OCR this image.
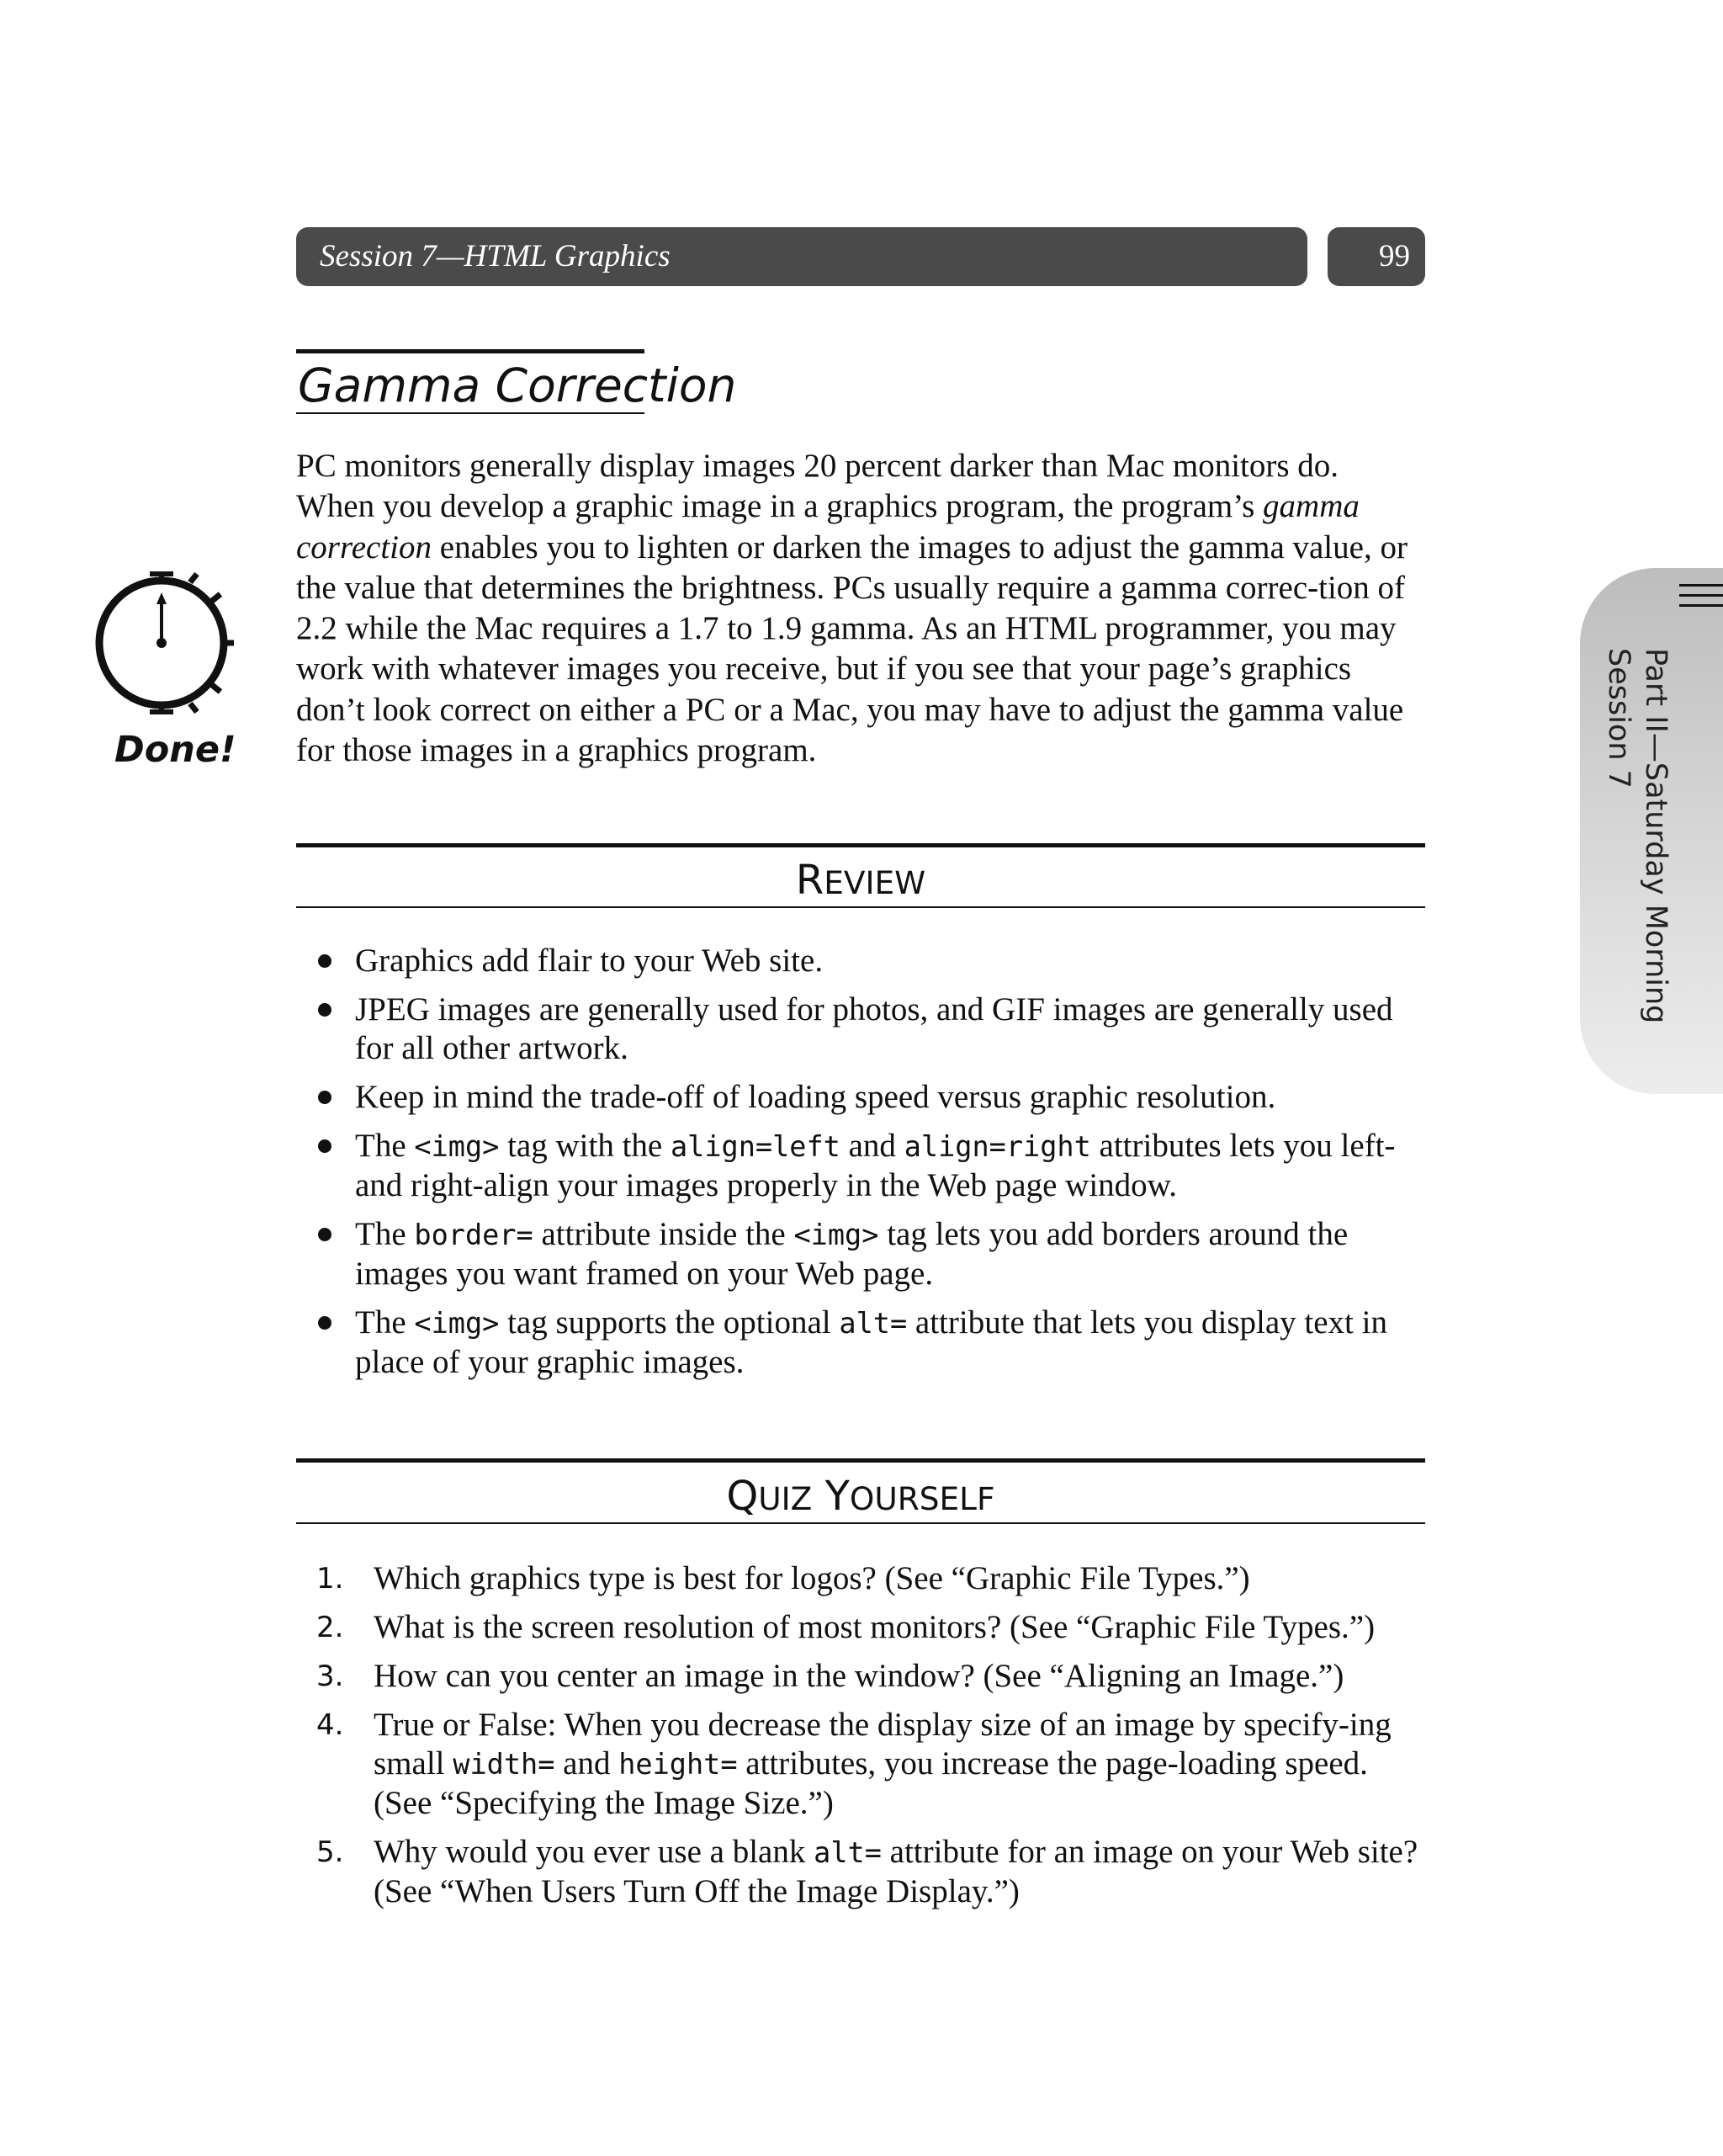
Session 7—HTML Graphics	99
Part II—Saturday Morning
Session 7
Gamma Correction
Done!

PC monitors generally display images 20 percent darker than Mac monitors do. When you develop a graphic image in a graphics program, the program’s gamma correction enables you to lighten or darken the images to adjust the gamma value, or the value that determines the brightness. PCs usually require a gamma correc-tion of 2.2 while the Mac requires a 1.7 to 1.9 gamma. As an HTML programmer, you may work with whatever images you receive, but if you see that your page’s graphics don’t look correct on either a PC or a Mac, you may have to adjust the gamma value for those images in a graphics program.

REVIEW
Graphics add flair to your Web site.
JPEG images are generally used for photos, and GIF images are generally used for all other artwork.
Keep in mind the trade-off of loading speed versus graphic resolution.
The <img> tag with the align=left and align=right attributes lets you left- and right-align your images properly in the Web page window.
The border= attribute inside the <img> tag lets you add borders around the images you want framed on your Web page.
The <img> tag supports the optional alt= attribute that lets you display text in place of your graphic images.
QUIZ YOURSELF
1. Which graphics type is best for logos? (See “Graphic File Types.”)
2. What is the screen resolution of most monitors? (See “Graphic File Types.”)
3. How can you center an image in the window? (See “Aligning an Image.”)
4. True or False: When you decrease the display size of an image by specify-ing small width= and height= attributes, you increase the page-loading speed. (See “Specifying the Image Size.”)
5. Why would you ever use a blank alt= attribute for an image on your Web site? (See “When Users Turn Off the Image Display.”)
